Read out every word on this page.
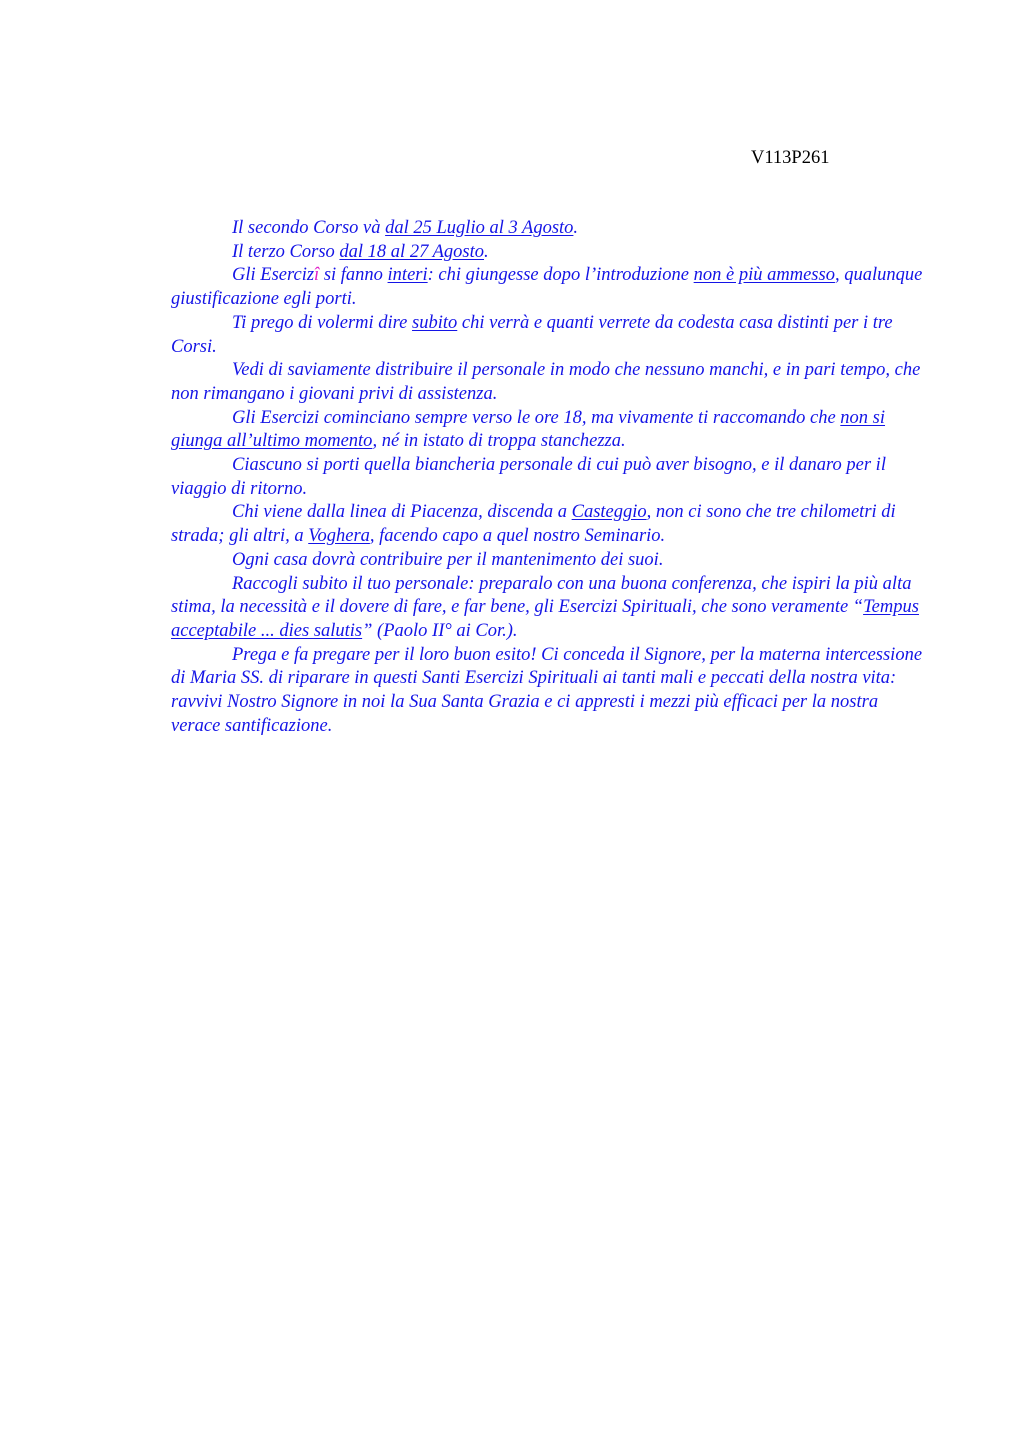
V113P261

Il secondo Corso và dal 25 Luglio al 3 Agosto.

Il terzo Corso dal 18 al 27 Agosto.

Gli Esercizî si fanno interi: chi giungesse dopo l’introduzione non è più ammesso, qualunque giustificazione egli porti.

Ti prego di volermi dire subito chi verrà e quanti verrete da codesta casa distinti per i tre Corsi.

Vedi di saviamente distribuire il personale in modo che nessuno manchi, e in pari tempo, che non rimangano i giovani privi di assistenza.

Gli Esercizi cominciano sempre verso le ore 18, ma vivamente ti raccomando che non si giunga all’ultimo momento, né in istato di troppa stanchezza.

Ciascuno si porti quella biancheria personale di cui può aver bisogno, e il danaro per il viaggio di ritorno.

Chi viene dalla linea di Piacenza, discenda a Casteggio, non ci sono che tre chilometri di strada; gli altri, a Voghera, facendo capo a quel nostro Seminario.

Ogni casa dovrà contribuire per il mantenimento dei suoi.

Raccogli subito il tuo personale: preparalo con una buona conferenza, che ispiri la più alta stima, la necessità e il dovere di fare, e far bene, gli Esercizi Spirituali, che sono veramente “Tempus acceptabile ... dies salutis” (Paolo II° ai Cor.).

Prega e fa pregare per il loro buon esito! Ci conceda il Signore, per la materna intercessione di Maria SS. di riparare in questi Santi Esercizi Spirituali ai tanti mali e peccati della nostra vita: ravvivi Nostro Signore in noi la Sua Santa Grazia e ci appresti i mezzi più efficaci per la nostra verace santificazione.
